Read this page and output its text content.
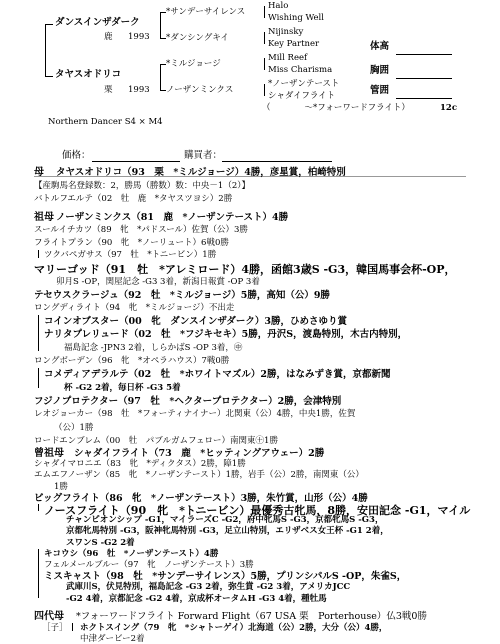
ダンスインザダーク
鹿 1993
タヤスオドリコ
栗 1993
*サンデーサイレンス
*ダンシングキイ
*ミルジョージ
ノーザンミンクス
Halo
Wishing Well
Nijinsky
Key Partner
Mill Reef
Miss Charisma
*ノーザンテースト
シャダイフライト
（　　　　～*フォーワードフライト）	12c
Northern Dancer S4 × M4
体高
胸囲
管囲
価格：	購買者：
母 タヤスオドリコ（93　栗　*ミルジョージ）4勝，彦星賞，柏崎特別
【産駒馬名登録数：2，勝馬（勝数）数：中央－1（2）】
バトルフエルテ（02　牡　鹿　*タヤスツヨシ）2勝
祖母 ノーザンミンクス（81　鹿　*ノーザンテースト）4勝
スールイチカツ（89　牝　*パドスール）佐賀（公）3勝
フライトプラン（90　牝　*ノーリュート）6戦0勝
ツクバペガサス（97　牡　*トニービン）1勝
マリーゴッド（91　牡　*アレミロード）4勝，函館3歳S -G3，韓国馬事会杯-OP，
卯月S -OP，関屋記念 -G3 3着，新潟日報賞 -OP 3着
テセウスクラージュ（92　牡　*ミルジョージ）5勝，高知（公）9勝
ロングディライト（94　牝　*ミルジョージ）不出走
コインオブスター（00　牝　ダンスインザダーク）3勝，ひめさゆり賞
ナリタプレリュード（02　牡　*フジキセキ）5勝，丹沢S，渡島特別，木古内特別，
福島記念 -JPN3 2着，しらかばS -OP 3着，㊥
ロングボーデン（96　牝　*オペラハウス）7戦0勝
コメディアデラルテ（02　牡　*ホワイトマズル）2勝，はなみずき賞，京都新聞
杯 -G2 2着，毎日杯 -G3 5着
フジノプロテクター（97　牡　*ヘクタープロテクター）2勝，会津特別
レオジョーカー（98　牡　*フォーティナイナー）北関東（公）4勝，中央1勝，佐賀
（公）1勝
ロードエンブレム（00　牡　パブルガムフェロー）南関東㊉1勝
曾祖母 シャダイフライト（73　鹿　*ヒッティングアウェー）2勝
シャダイマロニエ（83　牝　*ディクタス）2勝，障1勝
エムエフノーザン（85　牝　*ノーザンテースト）1勝，岩手（公）2勝，南関東（公）
1勝
ビッグフライト（86　牝　*ノーザンテースト）3勝，朱竹賞，山形（公）4勝
ノースフライト（90　牝　*トニービン）最優秀古牝馬，8勝，安田記念 -G1，マイル
チャンピオンシップ -G1，マイラーズC -G2，府中牝馬S -G3，京都牝馬S -G3，
京都牝馬特別 -G3，阪神牝馬特別 -G3，足立山特別，エリザベス女王杯 -G1 2着，
スワンS -G2 2着
キコウシ（96　牡　*ノーザンテースト）4勝
フェルメールブルー（97　牝　ノーザンテースト）3勝
ミスキャスト（98　牡　*サンデーサイレンス）5勝，プリンシパルS -OP，朱雀S，
武庫川S，伏見特別，福島記念 -G3 2着，弥生賞 -G2 3着，アメリカJCC
-G2 4着，京都記念 -G2 4着，京成杯オータムH -G3 4着，種牡馬
四代母 *フォーワードフライト Forward Flight（67 USA 栗　Porterhouse）仏3戦0勝
［子］ ホクトスイング（79　牝　*シャトーゲイ）北海道（公）2勝，大分（公）4勝，
中津ダービー2着
